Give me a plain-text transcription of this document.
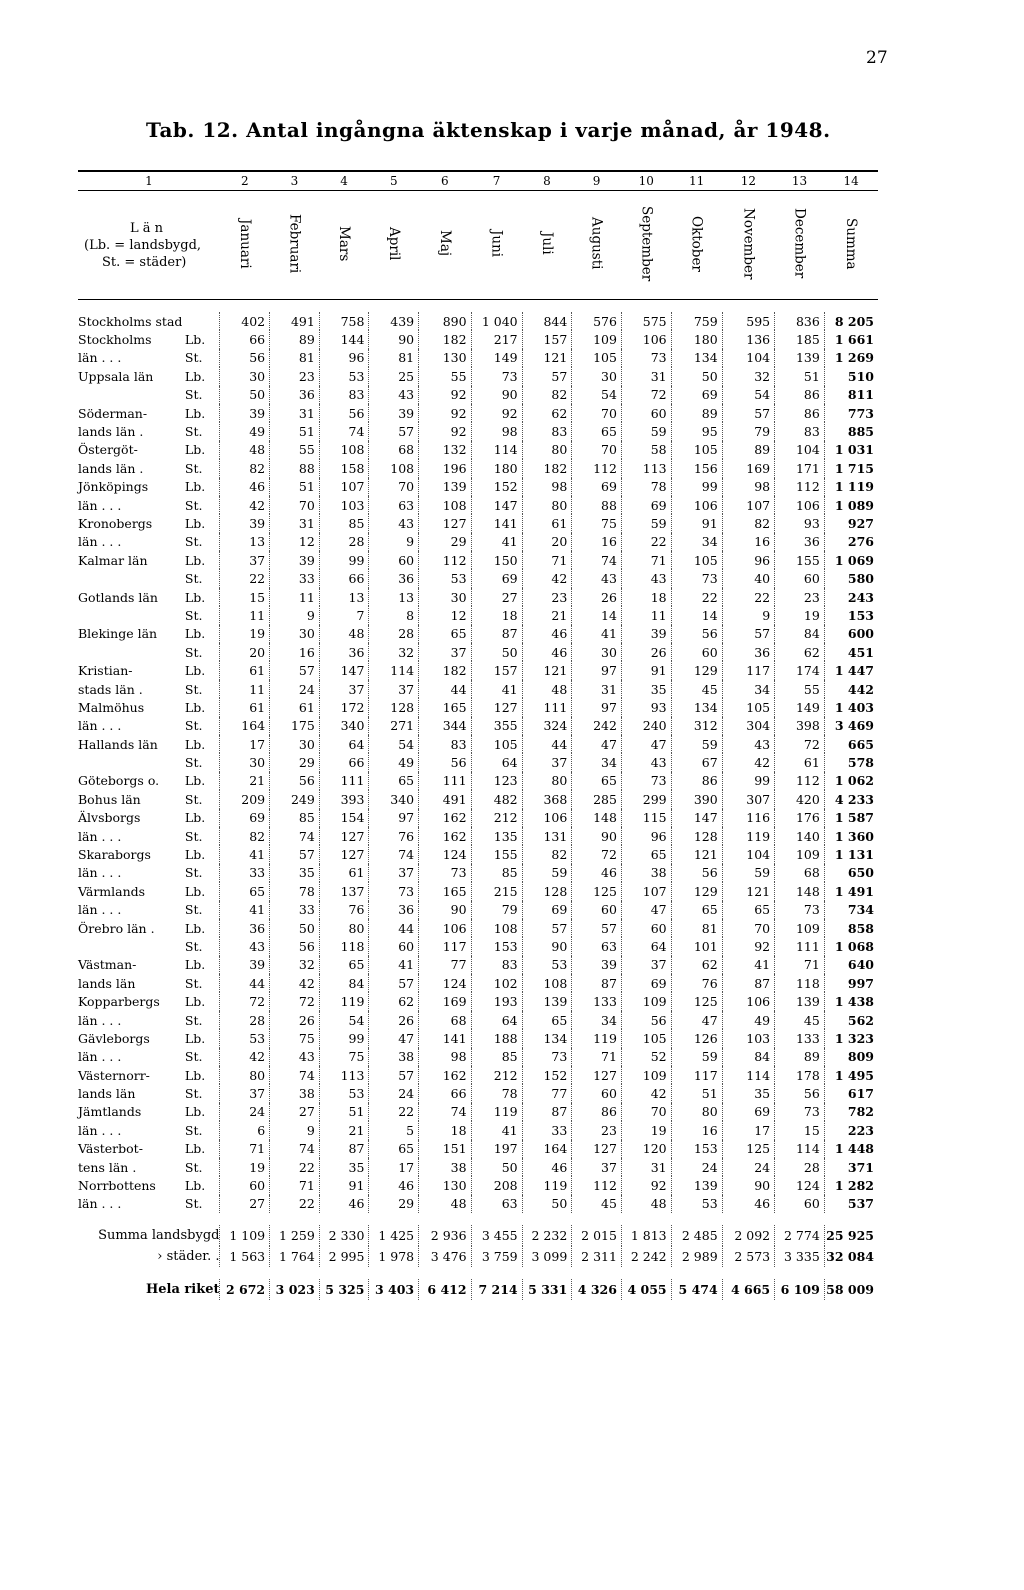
27
Tab. 12. Antal ingångna äktenskap i varje månad, år 1948.
1		2	3	4	5	6	7	8	9	10	11	12	13	14

L ä n
(Lb. = landsbygd,
St. = städer)		Januari	Februari	Mars	April	Maj	Juni	Juli	Augusti	September	Oktober	November	December	Summa

Stockholms stad		402	491	758	439	890	1 040	844	576	575	759	595	836	8 205
Stockholms	Lb.	66	89	144	90	182	217	157	109	106	180	136	185	1 661
län . . .	St.	56	81	96	81	130	149	121	105	73	134	104	139	1 269
Uppsala län	Lb.	30	23	53	25	55	73	57	30	31	50	32	51	510
	St.	50	36	83	43	92	90	82	54	72	69	54	86	811
Söderman-	Lb.	39	31	56	39	92	92	62	70	60	89	57	86	773
lands län .	St.	49	51	74	57	92	98	83	65	59	95	79	83	885
Östergöt-	Lb.	48	55	108	68	132	114	80	70	58	105	89	104	1 031
lands län .	St.	82	88	158	108	196	180	182	112	113	156	169	171	1 715
Jönköpings	Lb.	46	51	107	70	139	152	98	69	78	99	98	112	1 119
län . . .	St.	42	70	103	63	108	147	80	88	69	106	107	106	1 089
Kronobergs	Lb.	39	31	85	43	127	141	61	75	59	91	82	93	927
län . . .	St.	13	12	28	9	29	41	20	16	22	34	16	36	276
Kalmar län	Lb.	37	39	99	60	112	150	71	74	71	105	96	155	1 069
	St.	22	33	66	36	53	69	42	43	43	73	40	60	580
Gotlands län	Lb.	15	11	13	13	30	27	23	26	18	22	22	23	243
	St.	11	9	7	8	12	18	21	14	11	14	9	19	153
Blekinge län	Lb.	19	30	48	28	65	87	46	41	39	56	57	84	600
	St.	20	16	36	32	37	50	46	30	26	60	36	62	451
Kristian-	Lb.	61	57	147	114	182	157	121	97	91	129	117	174	1 447
stads län .	St.	11	24	37	37	44	41	48	31	35	45	34	55	442
Malmöhus	Lb.	61	61	172	128	165	127	111	97	93	134	105	149	1 403
län . . .	St.	164	175	340	271	344	355	324	242	240	312	304	398	3 469
Hallands län	Lb.	17	30	64	54	83	105	44	47	47	59	43	72	665
	St.	30	29	66	49	56	64	37	34	43	67	42	61	578
Göteborgs o.	Lb.	21	56	111	65	111	123	80	65	73	86	99	112	1 062
Bohus län	St.	209	249	393	340	491	482	368	285	299	390	307	420	4 233
Älvsborgs	Lb.	69	85	154	97	162	212	106	148	115	147	116	176	1 587
län . . .	St.	82	74	127	76	162	135	131	90	96	128	119	140	1 360
Skaraborgs	Lb.	41	57	127	74	124	155	82	72	65	121	104	109	1 131
län . . .	St.	33	35	61	37	73	85	59	46	38	56	59	68	650
Värmlands	Lb.	65	78	137	73	165	215	128	125	107	129	121	148	1 491
län . . .	St.	41	33	76	36	90	79	69	60	47	65	65	73	734
Örebro län .	Lb.	36	50	80	44	106	108	57	57	60	81	70	109	858
	St.	43	56	118	60	117	153	90	63	64	101	92	111	1 068
Västman-	Lb.	39	32	65	41	77	83	53	39	37	62	41	71	640
lands län	St.	44	42	84	57	124	102	108	87	69	76	87	118	997
Kopparbergs	Lb.	72	72	119	62	169	193	139	133	109	125	106	139	1 438
län . . .	St.	28	26	54	26	68	64	65	34	56	47	49	45	562
Gävleborgs	Lb.	53	75	99	47	141	188	134	119	105	126	103	133	1 323
län . . .	St.	42	43	75	38	98	85	73	71	52	59	84	89	809
Västernorr-	Lb.	80	74	113	57	162	212	152	127	109	117	114	178	1 495
lands län	St.	37	38	53	24	66	78	77	60	42	51	35	56	617
Jämtlands	Lb.	24	27	51	22	74	119	87	86	70	80	69	73	782
län . . .	St.	6	9	21	5	18	41	33	23	19	16	17	15	223
Västerbot-	Lb.	71	74	87	65	151	197	164	127	120	153	125	114	1 448
tens län .	St.	19	22	35	17	38	50	46	37	31	24	24	28	371
Norrbottens	Lb.	60	71	91	46	130	208	119	112	92	139	90	124	1 282
län . . .	St.	27	22	46	29	48	63	50	45	48	53	46	60	537

Summa landsbygd		1 109	1 259	2 330	1 425	2 936	3 455	2 232	2 015	1 813	2 485	2 092	2 774	25 925
› städer. .		1 563	1 764	2 995	1 978	3 476	3 759	3 099	2 311	2 242	2 989	2 573	3 335	32 084

Hela riket		2 672	3 023	5 325	3 403	6 412	7 214	5 331	4 326	4 055	5 474	4 665	6 109	58 009
